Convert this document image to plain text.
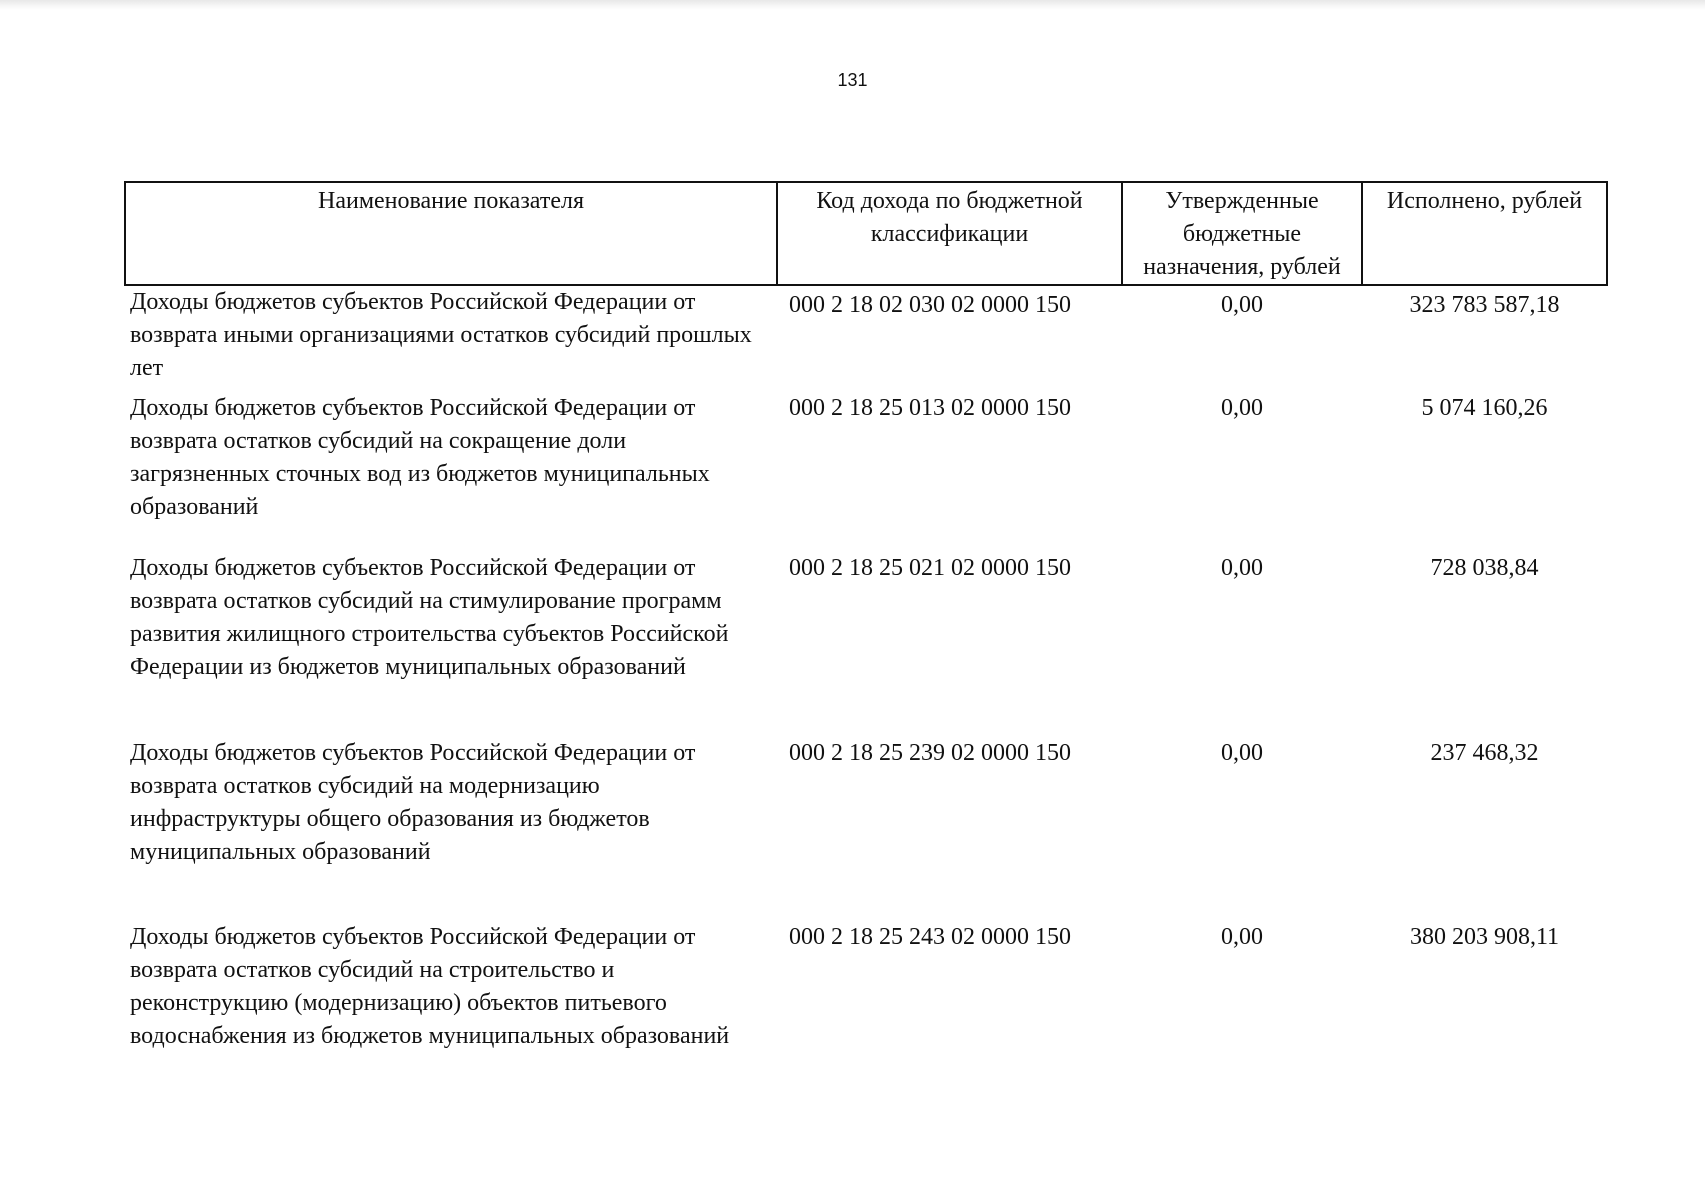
131
Наименование показателя	Код дохода по бюджетной классификации	Утвержденные бюджетные назначения, рублей	Исполнено, рублей
Доходы бюджетов субъектов Российской Федерации от возврата иными организациями остатков субсидий прошлых лет	000 2 18 02 030 02 0000 150	0,00	323 783 587,18
Доходы бюджетов субъектов Российской Федерации от возврата остатков субсидий на сокращение доли загрязненных сточных вод из бюджетов муниципальных образований	000 2 18 25 013 02 0000 150	0,00	5 074 160,26
Доходы бюджетов субъектов Российской Федерации от возврата остатков субсидий на стимулирование программ развития жилищного строительства субъектов Российской Федерации из бюджетов муниципальных образований	000 2 18 25 021 02 0000 150	0,00	728 038,84
Доходы бюджетов субъектов Российской Федерации от возврата остатков субсидий на модернизацию инфраструктуры общего образования из бюджетов муниципальных образований	000 2 18 25 239 02 0000 150	0,00	237 468,32
Доходы бюджетов субъектов Российской Федерации от возврата остатков субсидий на строительство и реконструкцию (модернизацию) объектов питьевого водоснабжения из бюджетов муниципальных образований	000 2 18 25 243 02 0000 150	0,00	380 203 908,11
